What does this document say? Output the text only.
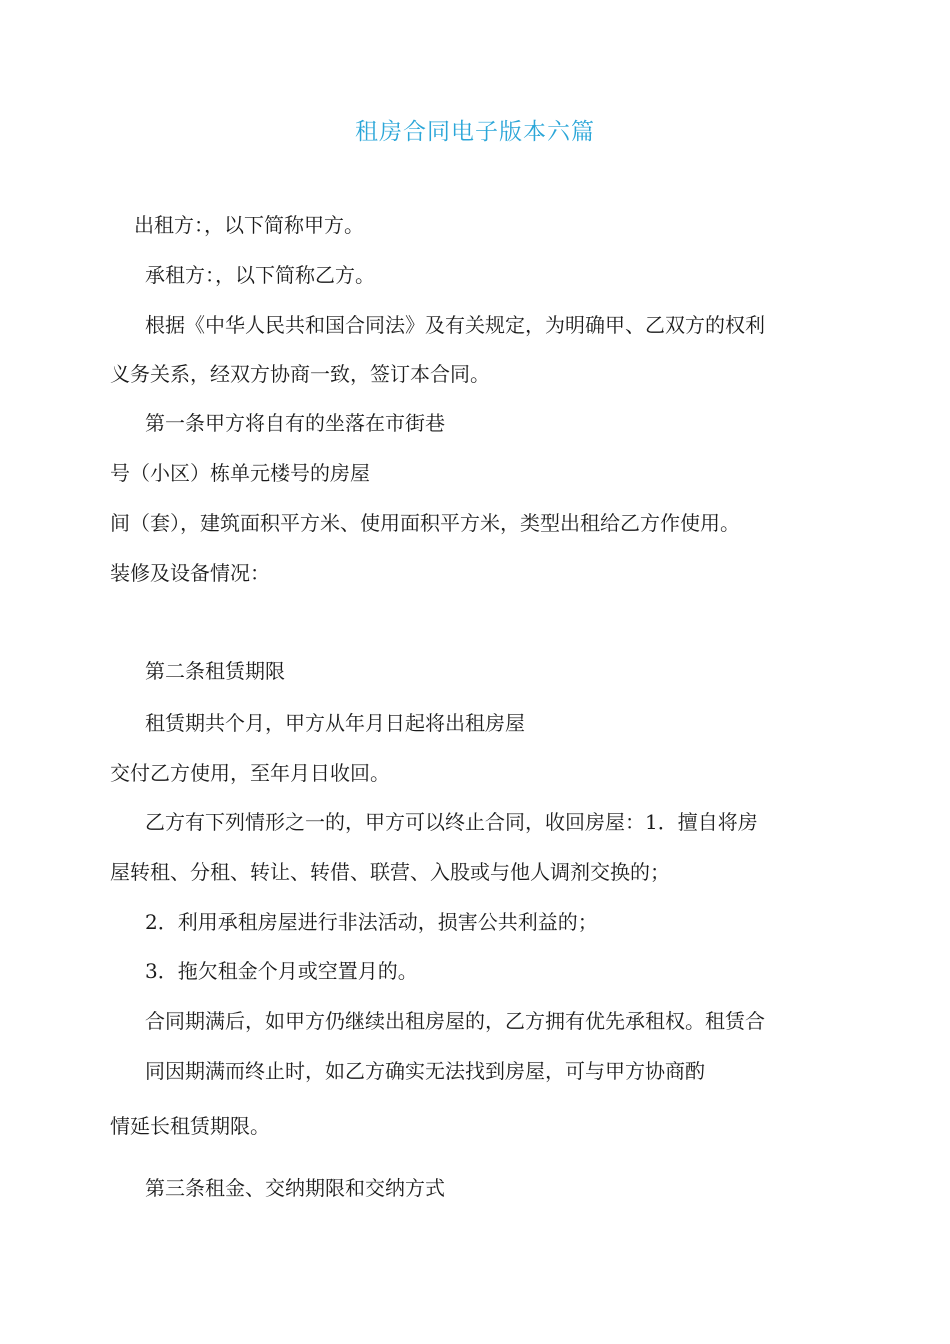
租房合同电子版本六篇
出租方：，以下简称甲方。
承租方：，以下简称乙方。
根据《中华人民共和国合同法》及有关规定，为明确甲、乙双方的权利
义务关系，经双方协商一致，签订本合同。
第一条甲方将自有的坐落在市街巷
号（小区）栋单元楼号的房屋
间（套），建筑面积平方米、使用面积平方米，类型出租给乙方作使用。
装修及设备情况：
第二条租赁期限
租赁期共个月，甲方从年月日起将出租房屋
交付乙方使用，至年月日收回。
乙方有下列情形之一的，甲方可以终止合同，收回房屋：1．擅自将房
屋转租、分租、转让、转借、联营、入股或与他人调剂交换的；
2．利用承租房屋进行非法活动，损害公共利益的；
3．拖欠租金个月或空置月的。
合同期满后，如甲方仍继续出租房屋的，乙方拥有优先承租权。租赁合
同因期满而终止时，如乙方确实无法找到房屋，可与甲方协商酌
情延长租赁期限。
第三条租金、交纳期限和交纳方式
